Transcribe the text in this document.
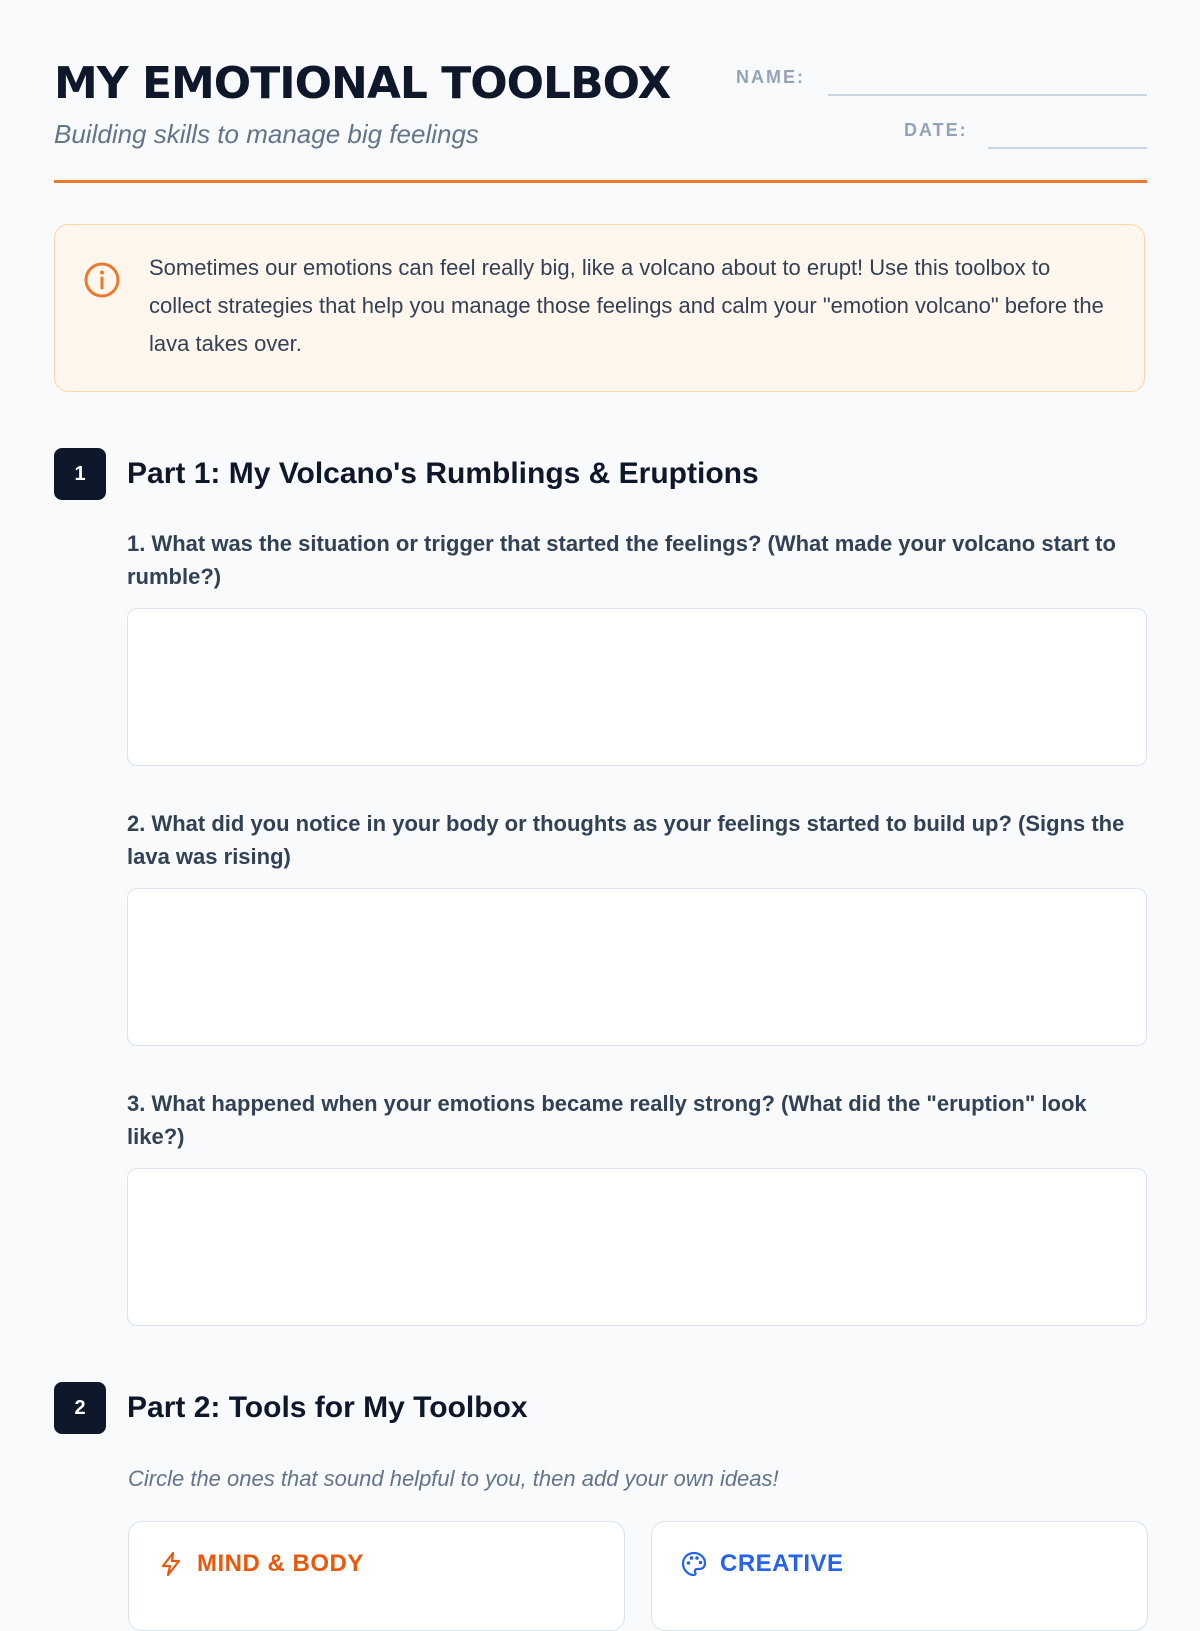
MY EMOTIONAL TOOLBOX
Building skills to manage big feelings
NAME:
DATE:
Sometimes our emotions can feel really big, like a volcano about to erupt! Use this toolbox to collect strategies that help you manage those feelings and calm your "emotion volcano" before the lava takes over.
1	Part 1: My Volcano's Rumblings & Eruptions
1. What was the situation or trigger that started the feelings? (What made your volcano start to rumble?)
2. What did you notice in your body or thoughts as your feelings started to build up? (Signs the lava was rising)
3. What happened when your emotions became really strong? (What did the "eruption" look like?)
2	Part 2: Tools for My Toolbox
Circle the ones that sound helpful to you, then add your own ideas!
MIND & BODY	CREATIVE
